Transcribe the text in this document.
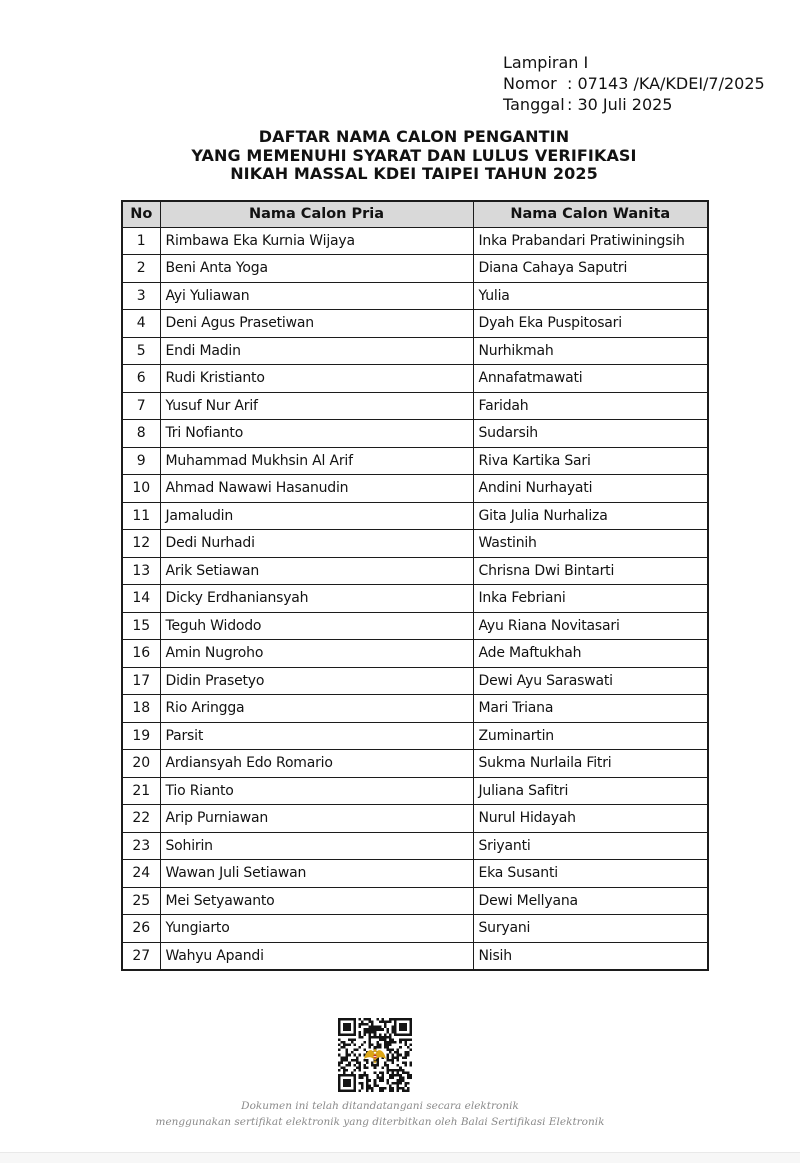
Lampiran I
Nomor : 07143 /KA/KDEI/7/2025
Tanggal : 30 Juli 2025
DAFTAR NAMA CALON PENGANTIN
YANG MEMENUHI SYARAT DAN LULUS VERIFIKASI
NIKAH MASSAL KDEI TAIPEI TAHUN 2025
No	Nama Calon Pria	Nama Calon Wanita
1	Rimbawa Eka Kurnia Wijaya	Inka Prabandari Pratiwiningsih
2	Beni Anta Yoga	Diana Cahaya Saputri
3	Ayi Yuliawan	Yulia
4	Deni Agus Prasetiwan	Dyah Eka Puspitosari
5	Endi Madin	Nurhikmah
6	Rudi Kristianto	Annafatmawati
7	Yusuf Nur Arif	Faridah
8	Tri Nofianto	Sudarsih
9	Muhammad Mukhsin Al Arif	Riva Kartika Sari
10	Ahmad Nawawi Hasanudin	Andini Nurhayati
11	Jamaludin	Gita Julia Nurhaliza
12	Dedi Nurhadi	Wastinih
13	Arik Setiawan	Chrisna Dwi Bintarti
14	Dicky Erdhaniansyah	Inka Febriani
15	Teguh Widodo	Ayu Riana Novitasari
16	Amin Nugroho	Ade Maftukhah
17	Didin Prasetyo	Dewi Ayu Saraswati
18	Rio Aringga	Mari Triana
19	Parsit	Zuminartin
20	Ardiansyah Edo Romario	Sukma Nurlaila Fitri
21	Tio Rianto	Juliana Safitri
22	Arip Purniawan	Nurul Hidayah
23	Sohirin	Sriyanti
24	Wawan Juli Setiawan	Eka Susanti
25	Mei Setyawanto	Dewi Mellyana
26	Yungiarto	Suryani
27	Wahyu Apandi	Nisih
Dokumen ini telah ditandatangani secara elektronik
menggunakan sertifikat elektronik yang diterbitkan oleh Balai Sertifikasi Elektronik
